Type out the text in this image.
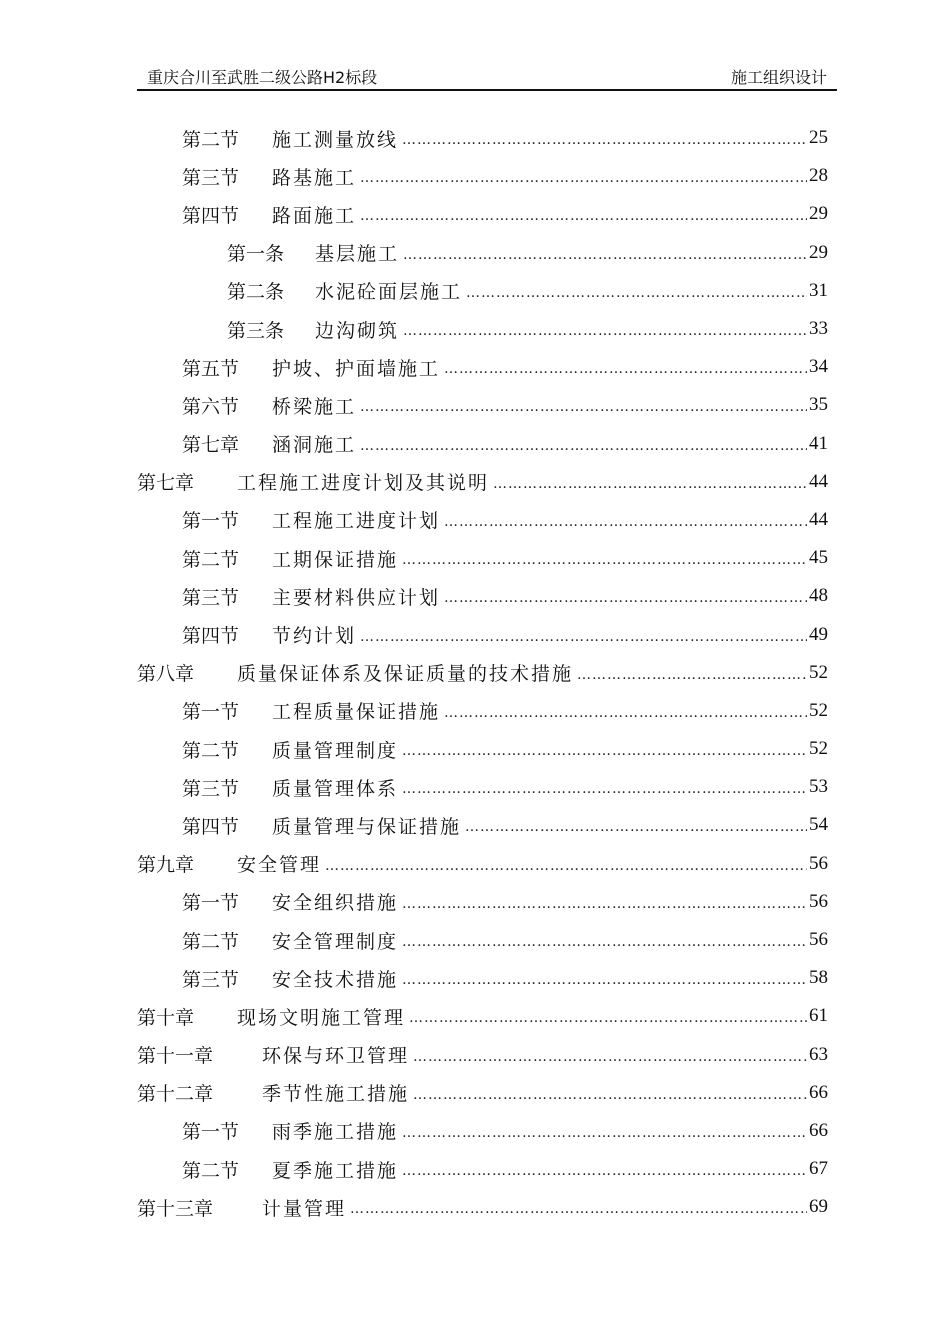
重庆合川至武胜二级公路H2标段	施工组织设计
第二节	施工测量放线 ……………………………………………………………………………………………………………………………………	25
第三节	路基施工 ……………………………………………………………………………………………………………………………………	28
第四节	路面施工 ……………………………………………………………………………………………………………………………………	29
第一条	基层施工 ……………………………………………………………………………………………………………………………………	29
第二条	水泥砼面层施工 ……………………………………………………………………………………………………………………………………	31
第三条	边沟砌筑 ……………………………………………………………………………………………………………………………………	33
第五节	护坡、护面墙施工 ……………………………………………………………………………………………………………………………………	34
第六节	桥梁施工 ……………………………………………………………………………………………………………………………………	35
第七章	涵洞施工 ……………………………………………………………………………………………………………………………………	41
第七章	工程施工进度计划及其说明 ……………………………………………………………………………………………………………………………………	44
第一节	工程施工进度计划 ……………………………………………………………………………………………………………………………………	44
第二节	工期保证措施 ……………………………………………………………………………………………………………………………………	45
第三节	主要材料供应计划 ……………………………………………………………………………………………………………………………………	48
第四节	节约计划 ……………………………………………………………………………………………………………………………………	49
第八章	质量保证体系及保证质量的技术措施 ……………………………………………………………………………………………………………………………………	52
第一节	工程质量保证措施 ……………………………………………………………………………………………………………………………………	52
第二节	质量管理制度 ……………………………………………………………………………………………………………………………………	52
第三节	质量管理体系 ……………………………………………………………………………………………………………………………………	53
第四节	质量管理与保证措施 ……………………………………………………………………………………………………………………………………	54
第九章	安全管理 ……………………………………………………………………………………………………………………………………	56
第一节	安全组织措施 ……………………………………………………………………………………………………………………………………	56
第二节	安全管理制度 ……………………………………………………………………………………………………………………………………	56
第三节	安全技术措施 ……………………………………………………………………………………………………………………………………	58
第十章	现场文明施工管理 ……………………………………………………………………………………………………………………………………	61
第十一章	环保与环卫管理 ……………………………………………………………………………………………………………………………………	63
第十二章	季节性施工措施 ……………………………………………………………………………………………………………………………………	66
第一节	雨季施工措施 ……………………………………………………………………………………………………………………………………	66
第二节	夏季施工措施 ……………………………………………………………………………………………………………………………………	67
第十三章	计量管理 ……………………………………………………………………………………………………………………………………	69
